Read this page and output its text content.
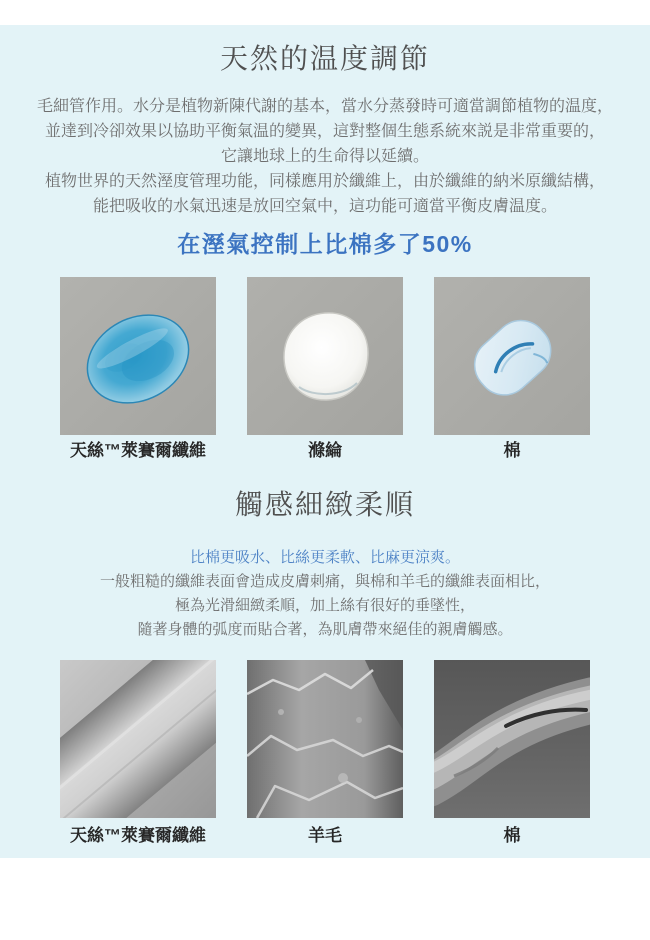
天然的温度調節
毛細管作用。水分是植物新陳代謝的基本，當水分蒸發時可適當調節植物的温度，
並達到冷卻效果以協助平衡氣温的變異，這對整個生態系統來説是非常重要的，
它讓地球上的生命得以延續。
植物世界的天然溼度管理功能，同樣應用於纖維上，由於纖維的納米原纖結構，
能把吸收的水氣迅速是放回空氣中，這功能可適當平衡皮膚温度。
在溼氣控制上比棉多了50%
天絲™萊賽爾纖維	滌綸	棉
觸感細緻柔順
比棉更吸水、比絲更柔軟、比麻更涼爽。
一般粗糙的纖維表面會造成皮膚刺痛，與棉和羊毛的纖維表面相比，
極為光滑細緻柔順，加上絲有很好的垂墜性，
隨著身體的弧度而貼合著，為肌膚帶來絕佳的親膚觸感。
天絲™萊賽爾纖維	羊毛	棉
